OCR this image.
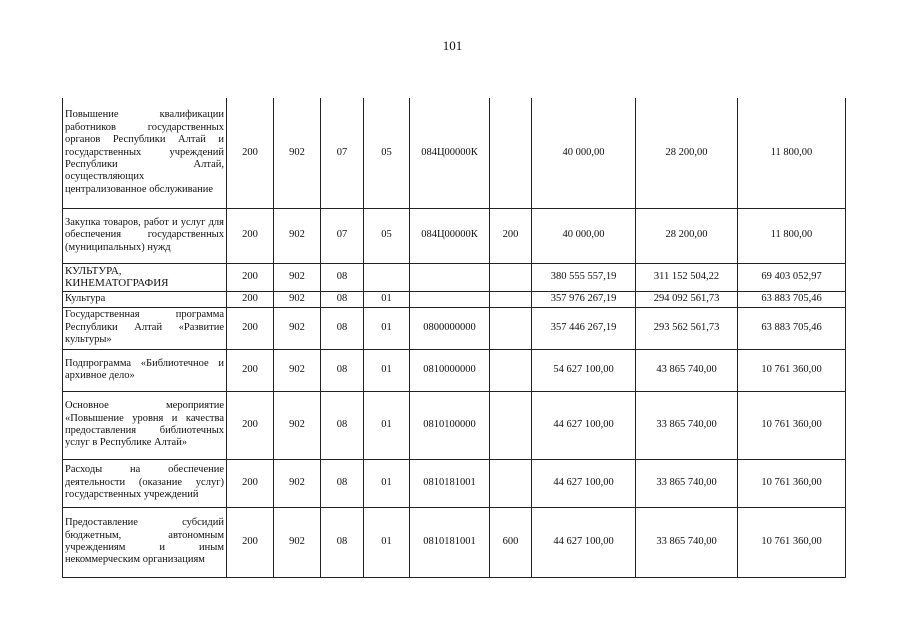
101
Повышение квалификации работников государственных органов Республики Алтай и государственных учреждений Республики Алтай, осуществляющих централизованное обслуживание	200	902	07	05	084Ц00000К		40 000,00	28 200,00	11 800,00
Закупка товаров, работ и услуг для обеспечения государственных (муниципальных) нужд	200	902	07	05	084Ц00000К	200	40 000,00	28 200,00	11 800,00
КУЛЬТУРА, КИНЕМАТОГРАФИЯ	200	902	08				380 555 557,19	311 152 504,22	69 403 052,97
Культура	200	902	08	01			357 976 267,19	294 092 561,73	63 883 705,46
Государственная программа Республики Алтай «Развитие культуры»	200	902	08	01	0800000000		357 446 267,19	293 562 561,73	63 883 705,46
Подпрограмма «Библиотечное и архивное дело»	200	902	08	01	0810000000		54 627 100,00	43 865 740,00	10 761 360,00
Основное мероприятие «Повышение уровня и качества предоставления библиотечных услуг в Республике Алтай»	200	902	08	01	0810100000		44 627 100,00	33 865 740,00	10 761 360,00
Расходы на обеспечение деятельности (оказание услуг) государственных учреждений	200	902	08	01	0810181001		44 627 100,00	33 865 740,00	10 761 360,00
Предоставление субсидий бюджетным, автономным учреждениям и иным некоммерческим организациям	200	902	08	01	0810181001	600	44 627 100,00	33 865 740,00	10 761 360,00
